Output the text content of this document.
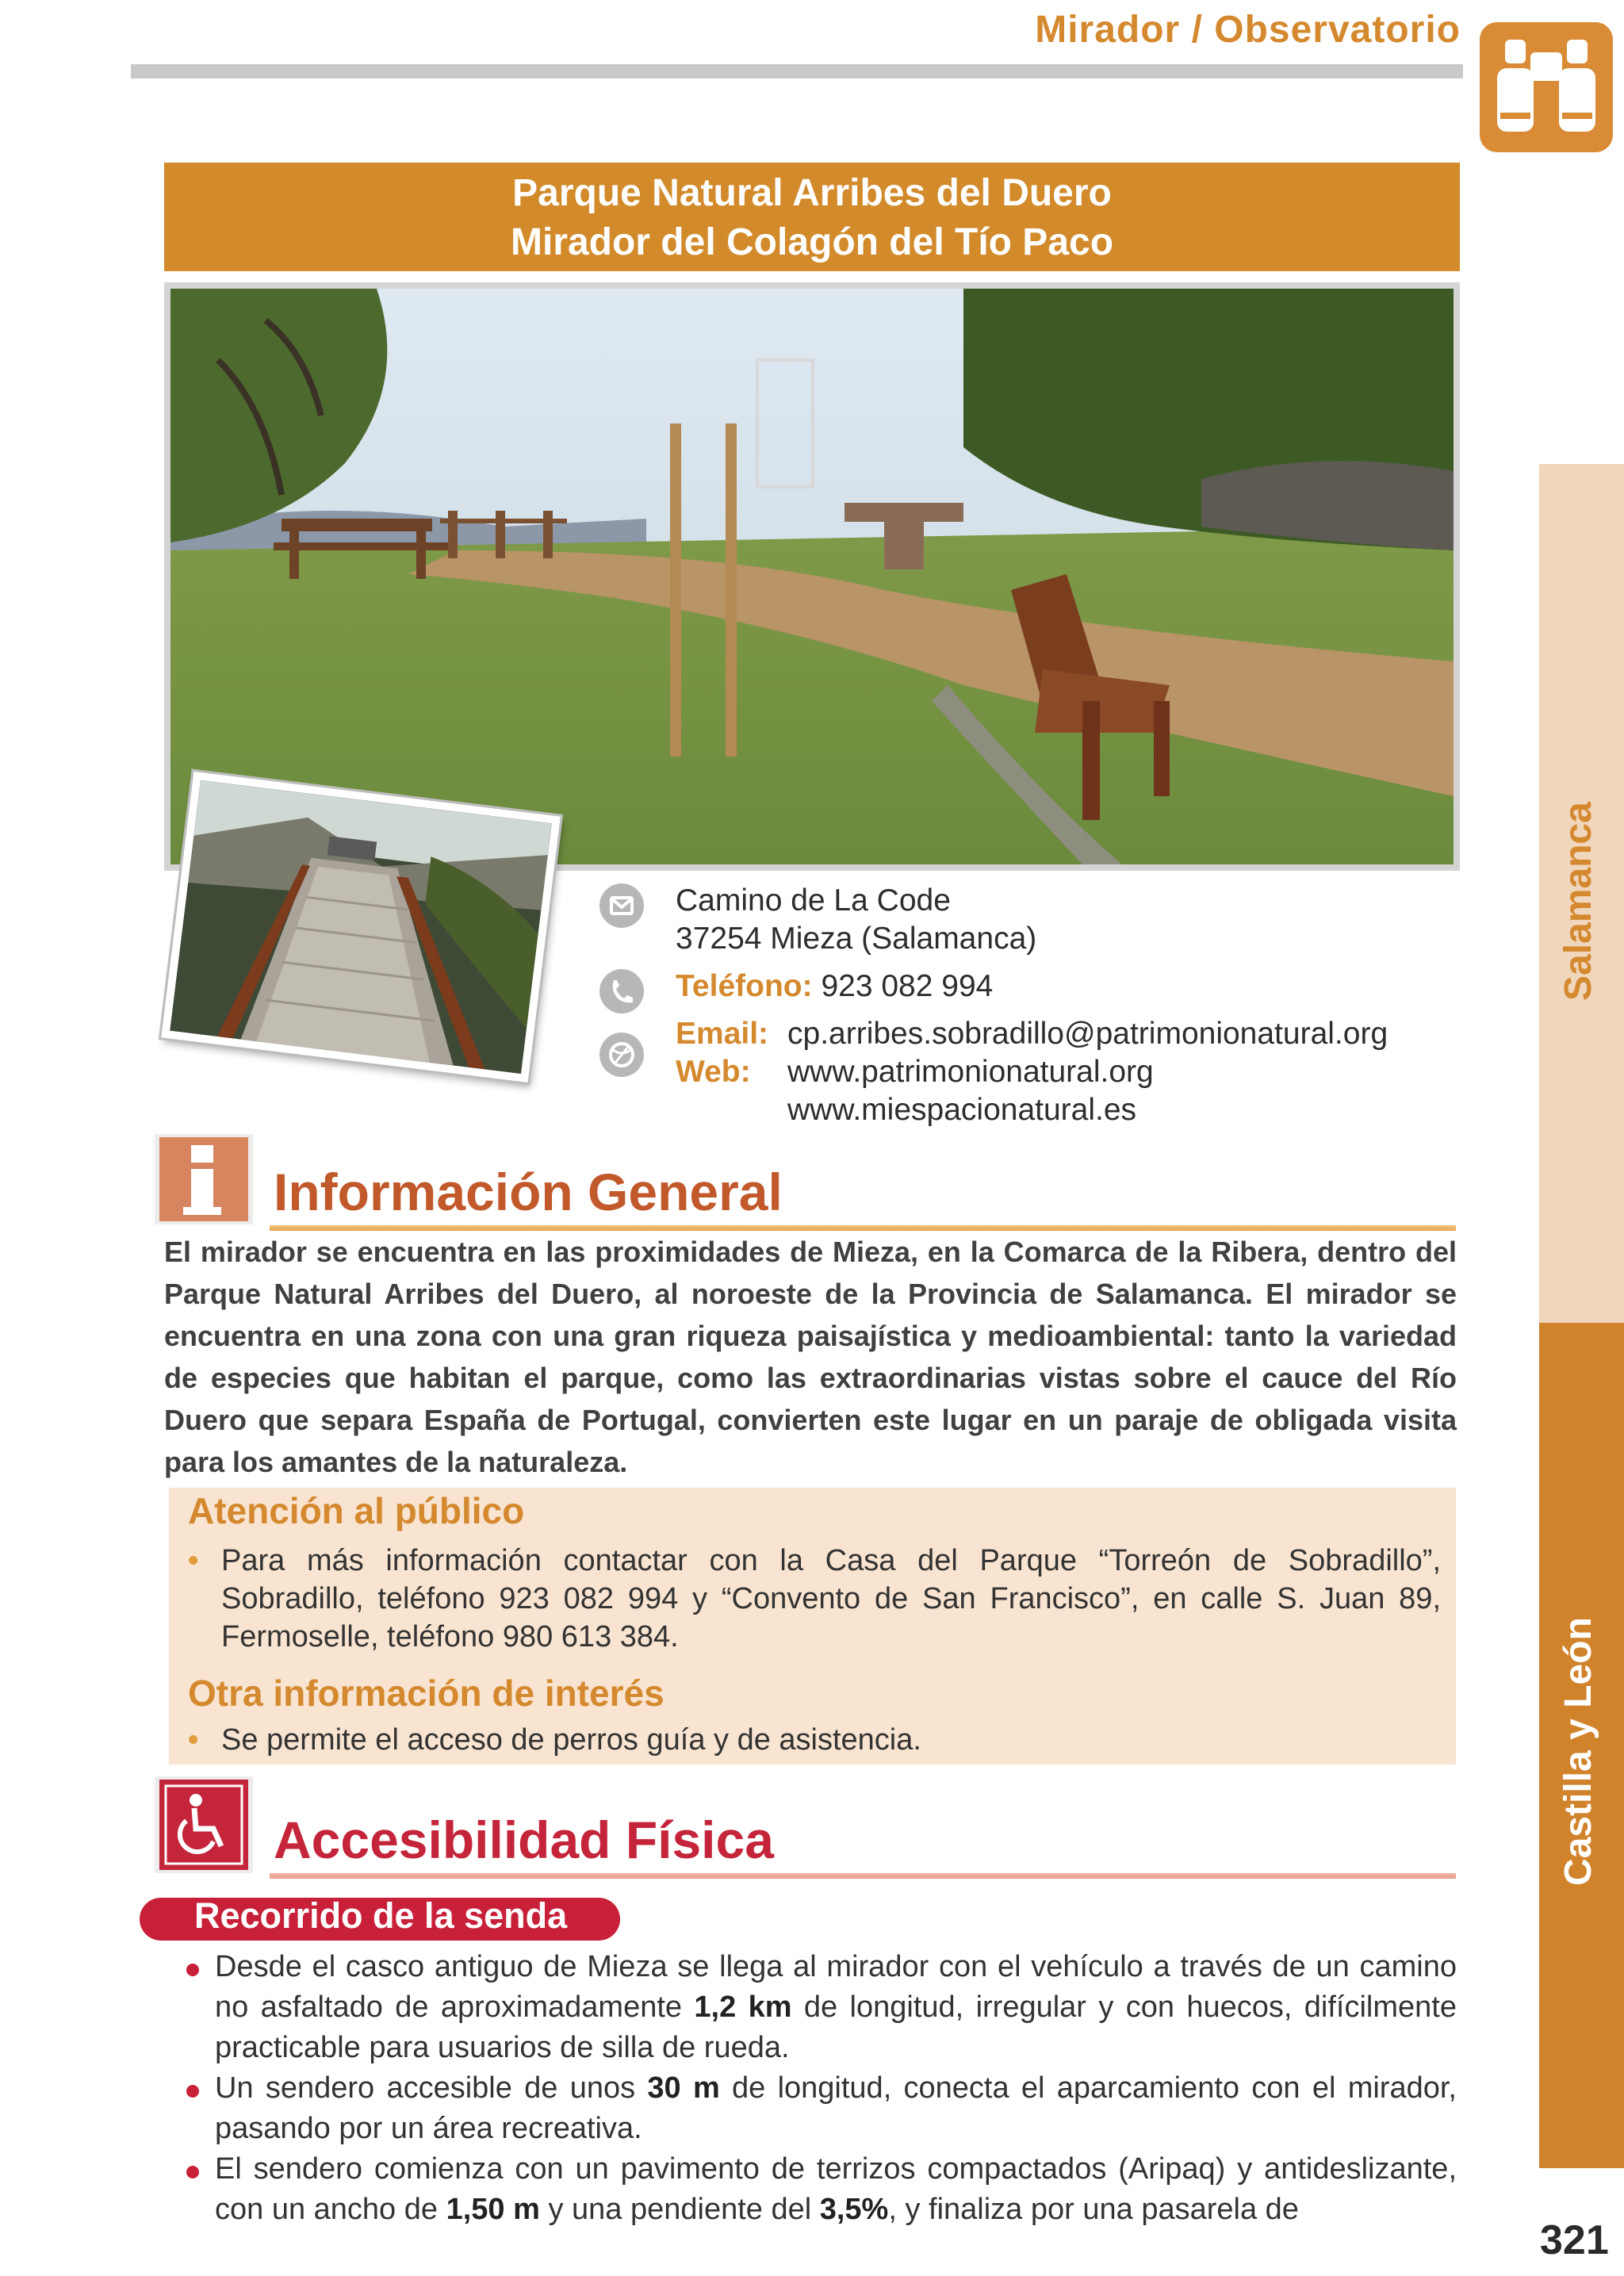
Mirador / Observatorio
Parque Natural Arribes del Duero
Mirador del Colagón del Tío Paco
Camino de La Code
37254 Mieza (Salamanca)
Teléfono: 923 082 994
Email: cp.arribes.sobradillo@patrimonionatural.org
Web: www.patrimonionatural.org
www.miespacionatural.es
Información General

El mirador se encuentra en las proximidades de Mieza, en la Comarca de la Ribera, dentro del Parque Natural Arribes del Duero, al noroeste de la Provincia de Salamanca. El mirador se encuentra en una zona con una gran riqueza paisajística y medioambiental: tanto la variedad de especies que habitan el parque, como las extraordinarias vistas sobre el cauce del Río Duero que separa España de Portugal, convierten este lugar en un paraje de obligada visita para los amantes de la naturaleza.

Atención al público
• Para más información contactar con la Casa del Parque “Torreón de Sobradillo”, Sobradillo, teléfono 923 082 994 y “Convento de San Francisco”, en calle S. Juan 89, Fermoselle, teléfono 980 613 384.
Otra información de interés
• Se permite el acceso de perros guía y de asistencia.
Accesibilidad Física
Recorrido de la senda
Desde el casco antiguo de Mieza se llega al mirador con el vehículo a través de un camino no asfaltado de aproximadamente 1,2 km de longitud, irregular y con huecos, difícilmente practicable para usuarios de silla de rueda.
Un sendero accesible de unos 30 m de longitud, conecta el aparcamiento con el mirador, pasando por un área recreativa.
El sendero comienza con un pavimento de terrizos compactados (Aripaq) y antideslizante, con un ancho de 1,50 m y una pendiente del 3,5%, y finaliza por una pasarela de
Salamanca
Castilla y León
321
